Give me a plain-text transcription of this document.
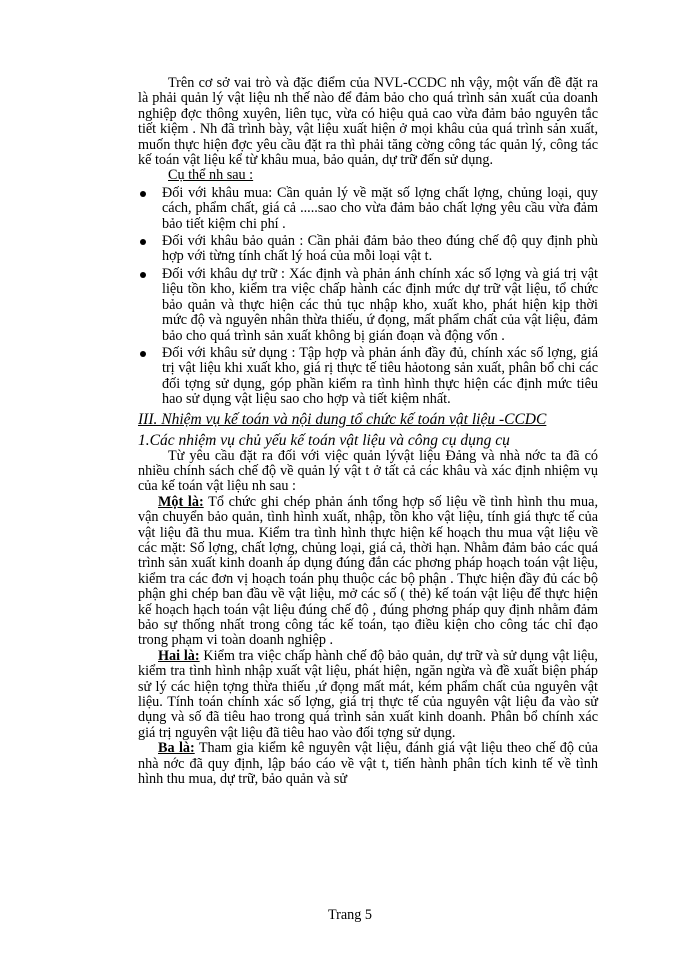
Trên cơ sở vai trò và đặc điểm của NVL-CCDC nh vậy, một vấn đề đặt ra là phải quản lý vật liệu nh thế nào để đảm bảo cho quá trình sản xuất của doanh nghiệp đợc thông xuyên, liên tục, vừa có hiệu quả cao vừa đảm bảo nguyên tắc tiết kiệm . Nh đã trình bày, vật liệu xuất hiện ở mọi khâu của quá trình sản xuất, muốn thực hiện đợc yêu cầu đặt ra thì phải tăng cờng công tác quản lý, công tác kế toán vật liệu kể từ khâu mua, bảo quản, dự trữ đến sử dụng.

Cụ thể nh sau :

Đối với khâu mua: Cần quản lý về mặt số lợng chất lợng, chủng loại, quy cách, phẩm chất, giá cả .....sao cho vừa đảm bảo chất lợng yêu cầu vừa đảm bảo tiết kiệm chi phí .
Đối với khâu bảo quản : Cần phải đảm bảo theo đúng chế độ quy định phù hợp với từng tính chất lý hoá của mỗi loại vật t.
Đối với khâu dự trữ : Xác định và phản ánh chính xác số lợng và giá trị vật liệu tồn kho, kiểm tra việc chấp hành các định mức dự trữ vật liệu, tổ chức bảo quản và thực hiện các thủ tục nhập kho, xuất kho, phát hiện kịp thời mức độ và nguyên nhân thừa thiếu, ứ đọng, mất phẩm chất của vật liệu, đảm bảo cho quá trình sản xuất không bị gián đoạn và động vốn .
Đối với khâu sử dụng : Tập hợp và phản ánh đầy đủ, chính xác số lợng, giá trị vật liệu khi xuất kho, giá rị thực tế tiêu hảotong sản xuất, phân bổ chi các đối tợng sử dụng, góp phần kiểm ra tình hình thực hiện các định mức tiêu hao sử dụng vật liệu sao cho hợp và tiết kiệm nhất.

III. Nhiệm vụ kế toán và nội dung tổ chức kế toán vật liệu -CCDC

1.Các nhiệm vụ chủ yếu kế toán vật liệu và công cụ dụng cụ

Từ yêu cầu đặt ra đối với việc quản lývật liệu Đảng và nhà nớc ta đã có nhiều chính sách chế độ về quản lý vật t ở tất cả các khâu và xác định nhiệm vụ của kế toán vật liệu nh sau :

Một là: Tổ chức ghi chép phản ánh tổng hợp số liệu về tình hình thu mua, vận chuyển bảo quản, tình hình xuất, nhập, tồn kho vật liệu, tính giá thực tế của vật liệu đã thu mua. Kiểm tra tình hình thực hiện kế hoạch thu mua vật liệu về các mặt: Số lợng, chất lợng, chủng loại, giá cả, thời hạn. Nhằm đảm bảo các quá trình sản xuất kinh doanh áp dụng đúng đắn các phơng pháp hoạch toán vật liệu, kiểm tra các đơn vị hoạch toán phụ thuộc các bộ phận . Thực hiện đầy đủ các bộ phận ghi chép ban đầu về vật liệu, mở các số ( thẻ) kế toán vật liệu để thực hiện kế hoạch hạch toán vật liệu đúng chế độ , đúng phơng pháp quy định nhằm đảm bảo sự thống nhất trong công tác kế toán, tạo điều kiện cho công tác chỉ đạo trong phạm vi toàn doanh nghiệp .

Hai là: Kiểm tra việc chấp hành chế độ bảo quản, dự trữ và sử dụng vật liệu, kiểm tra tình hình nhập xuất vật liệu, phát hiện, ngăn ngừa và đề xuất biện pháp sử lý các hiện tợng thừa thiếu ,ứ đọng mất mát, kém phẩm chất của nguyên vật liệu. Tính toán chính xác số lợng, giá trị thực tế của nguyên vật liệu đa vào sử dụng và số đã tiêu hao trong quá trình sản xuất kinh doanh. Phân bổ chính xác giá trị nguyên vật liệu đã tiêu hao vào đối tợng sử dụng.

Ba là: Tham gia kiểm kê nguyên vật liệu, đánh giá vật liệu theo chế độ của nhà nớc đã quy định, lập báo cáo về vật t, tiến hành phân tích kinh tế về tình hình thu mua, dự trữ, bảo quản và sử

Trang 5
